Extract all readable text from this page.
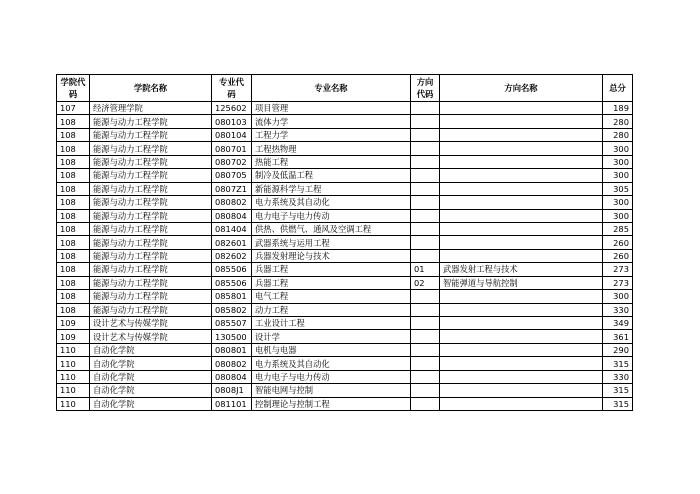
学院代码	学院名称	专业代码	专业名称	方向代码	方向名称	总分
107	经济管理学院	125602	项目管理			189
108	能源与动力工程学院	080103	流体力学			280
108	能源与动力工程学院	080104	工程力学			280
108	能源与动力工程学院	080701	工程热物理			300
108	能源与动力工程学院	080702	热能工程			300
108	能源与动力工程学院	080705	制冷及低温工程			300
108	能源与动力工程学院	0807Z1	新能源科学与工程			305
108	能源与动力工程学院	080802	电力系统及其自动化			300
108	能源与动力工程学院	080804	电力电子与电力传动			300
108	能源与动力工程学院	081404	供热、供燃气、通风及空调工程			285
108	能源与动力工程学院	082601	武器系统与运用工程			260
108	能源与动力工程学院	082602	兵器发射理论与技术			260
108	能源与动力工程学院	085506	兵器工程	01	武器发射工程与技术	273
108	能源与动力工程学院	085506	兵器工程	02	智能弹道与导航控制	273
108	能源与动力工程学院	085801	电气工程			300
108	能源与动力工程学院	085802	动力工程			330
109	设计艺术与传媒学院	085507	工业设计工程			349
109	设计艺术与传媒学院	130500	设计学			361
110	自动化学院	080801	电机与电器			290
110	自动化学院	080802	电力系统及其自动化			315
110	自动化学院	080804	电力电子与电力传动			330
110	自动化学院	0808J1	智能电网与控制			315
110	自动化学院	081101	控制理论与控制工程			315
